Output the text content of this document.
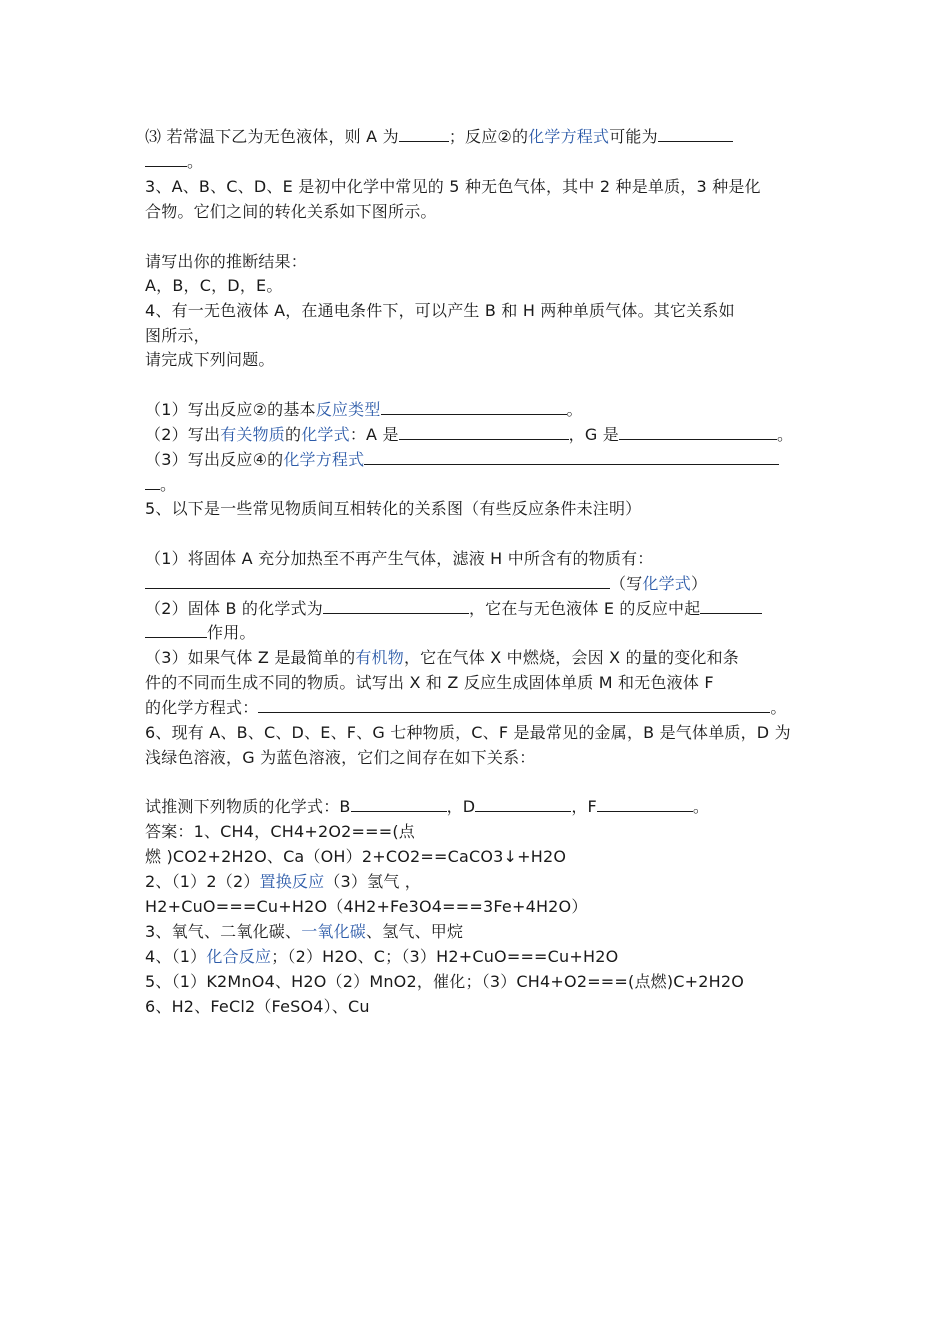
⑶ 若常温下乙为无色液体，则 A 为	；反应②的化学方程式可能为
。
3、A、B、C、D、E 是初中化学中常见的 5 种无色气体，其中 2 种是单质，3 种是化
合物。它们之间的转化关系如下图所示。
请写出你的推断结果：
A，B，C，D，E。
4、有一无色液体 A，在通电条件下，可以产生 B 和 H 两种单质气体。其它关系如
图所示，
请完成下列问题。
（1）写出反应②的基本反应类型	。
（2）写出有关物质的化学式：A 是	，G 是	。
（3）写出反应④的化学方程式
。
5、以下是一些常见物质间互相转化的关系图（有些反应条件未注明）
（1）将固体 A 充分加热至不再产生气体，滤液 H 中所含有的物质有：
（写化学式）
（2）固体 B 的化学式为	，它在与无色液体 E 的反应中起
作用。
（3）如果气体 Z 是最简单的有机物，它在气体 X 中燃烧，会因 X 的量的变化和条
件的不同而生成不同的物质。试写出 X 和 Z 反应生成固体单质 M 和无色液体 F
的化学方程式：	。
6、现有 A、B、C、D、E、F、G 七种物质，C、F 是最常见的金属，B 是气体单质，D 为
浅绿色溶液，G 为蓝色溶液，它们之间存在如下关系：
试推测下列物质的化学式：B	，D	，F	。
答案：1、CH4，CH4+2O2===(点
燃 )CO2+2H2O、Ca（OH）2+CO2==CaCO3↓+H2O
2、（1）2（2）置换反应（3）氢气 ，
H2+CuO===Cu+H2O（4H2+Fe3O4===3Fe+4H2O）
3、氧气、二氧化碳、一氧化碳、氢气、甲烷
4、（1）化合反应；（2）H2O、C；（3）H2+CuO===Cu+H2O
5、（1）K2MnO4、H2O（2）MnO2，催化；（3）CH4+O2===(点燃)C+2H2O
6、H2、FeCl2（FeSO4）、Cu
